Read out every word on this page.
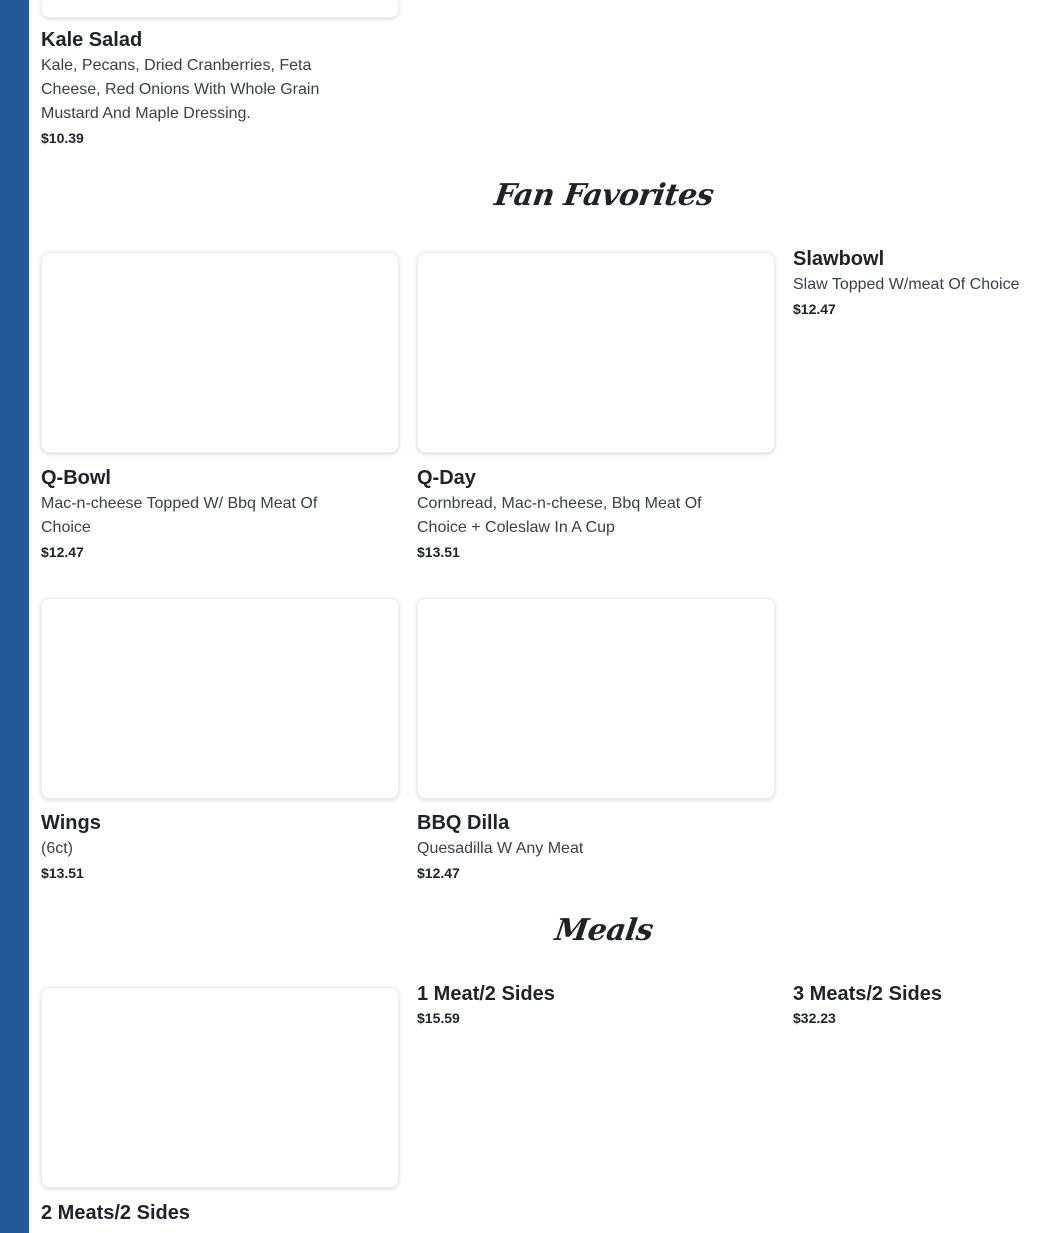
Kale Salad
Kale, Pecans, Dried Cranberries, Feta Cheese, Red Onions With Whole Grain Mustard And Maple Dressing.
$10.39
Fan Favorites
Q-Bowl
Mac-n-cheese Topped W/ Bbq Meat Of Choice
$12.47
Q-Day
Cornbread, Mac-n-cheese, Bbq Meat Of Choice + Coleslaw In A Cup
$13.51
Slawbowl
Slaw Topped W/meat Of Choice
$12.47
Wings
(6ct)
$13.51
BBQ Dilla
Quesadilla W Any Meat
$12.47
Meals
2 Meats/2 Sides
1 Meat/2 Sides
$15.59
3 Meats/2 Sides
$32.23
